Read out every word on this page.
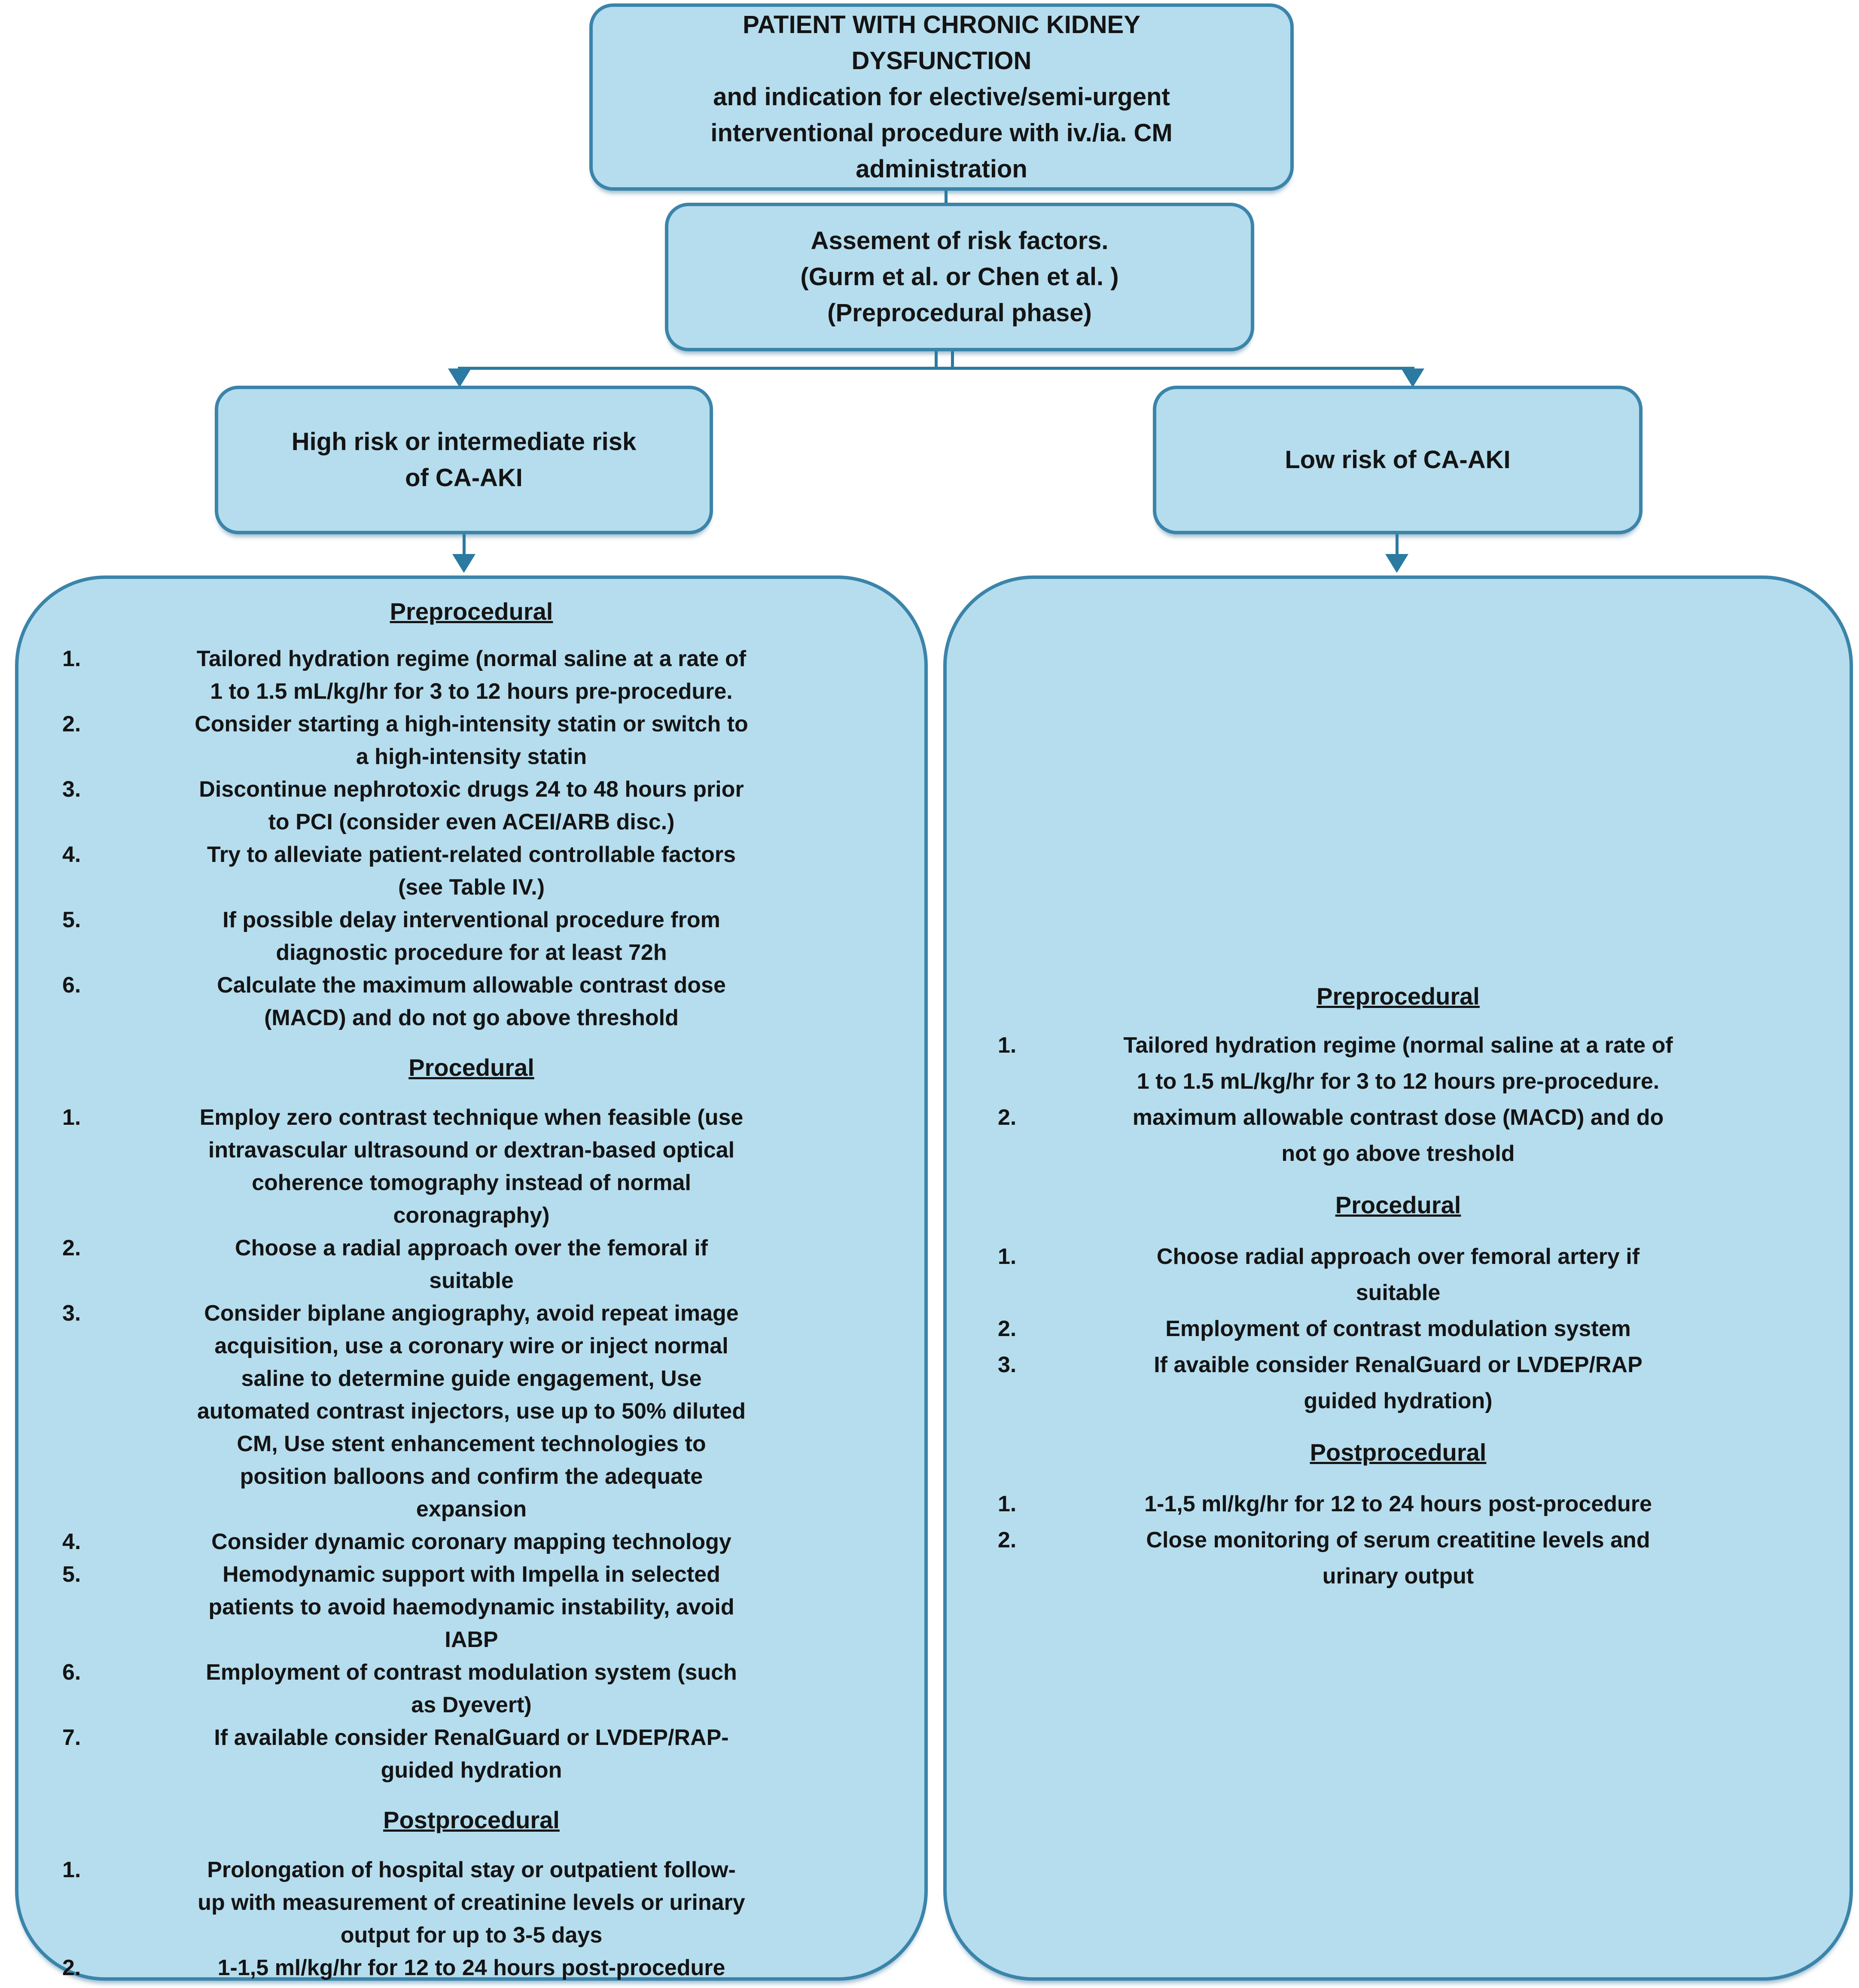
PATIENT WITH CHRONIC KIDNEY
DYSFUNCTION
and indication for elective/semi-urgent
interventional procedure with iv./ia. CM
administration
Assement of risk factors.
(Gurm et al. or Chen et al. )
(Preprocedural phase)
High risk or intermediate risk
of CA-AKI
Low risk of CA-AKI
Preprocedural
1.	Tailored hydration regime (normal saline at a rate of
1 to 1.5 mL/kg/hr for 3 to 12 hours pre-procedure.
2.	Consider starting a high-intensity statin or switch to
a high-intensity statin
3.	Discontinue nephrotoxic drugs 24 to 48 hours prior
to PCI (consider even ACEI/ARB disc.)
4.	Try to alleviate patient-related controllable factors
(see Table IV.)
5.	If possible delay interventional procedure from
diagnostic procedure for at least 72h
6.	Calculate the maximum allowable contrast dose
(MACD) and do not go above threshold
Procedural
1.	Employ zero contrast technique when feasible (use
intravascular ultrasound or dextran-based optical
coherence tomography instead of normal
coronagraphy)
2.	Choose a radial approach over the femoral if
suitable
3.	Consider biplane angiography, avoid repeat image
acquisition, use a coronary wire or inject normal
saline to determine guide engagement, Use
automated contrast injectors, use up to 50% diluted
CM, Use stent enhancement technologies to
position balloons and confirm the adequate
expansion
4.	Consider dynamic coronary mapping technology
5.	Hemodynamic support with Impella in selected
patients to avoid haemodynamic instability, avoid
IABP
6.	Employment of contrast modulation system (such
as Dyevert)
7.	If available consider RenalGuard or LVDEP/RAP-
guided hydration
Postprocedural
1.	Prolongation of hospital stay or outpatient follow-
up with measurement of creatinine levels or urinary
output for up to 3-5 days
2.	1-1,5 ml/kg/hr for 12 to 24 hours post-procedure
Preprocedural
1.	Tailored hydration regime (normal saline at a rate of
1 to 1.5 mL/kg/hr for 3 to 12 hours pre-procedure.
2.	maximum allowable contrast dose (MACD) and do
not go above treshold
Procedural
1.	Choose radial approach over femoral artery if
suitable
2.	Employment of contrast modulation system
3.	If avaible consider RenalGuard or LVDEP/RAP
guided hydration)
Postprocedural
1.	1-1,5 ml/kg/hr for 12 to 24 hours post-procedure
2.	Close monitoring of serum creatitine levels and
urinary output
